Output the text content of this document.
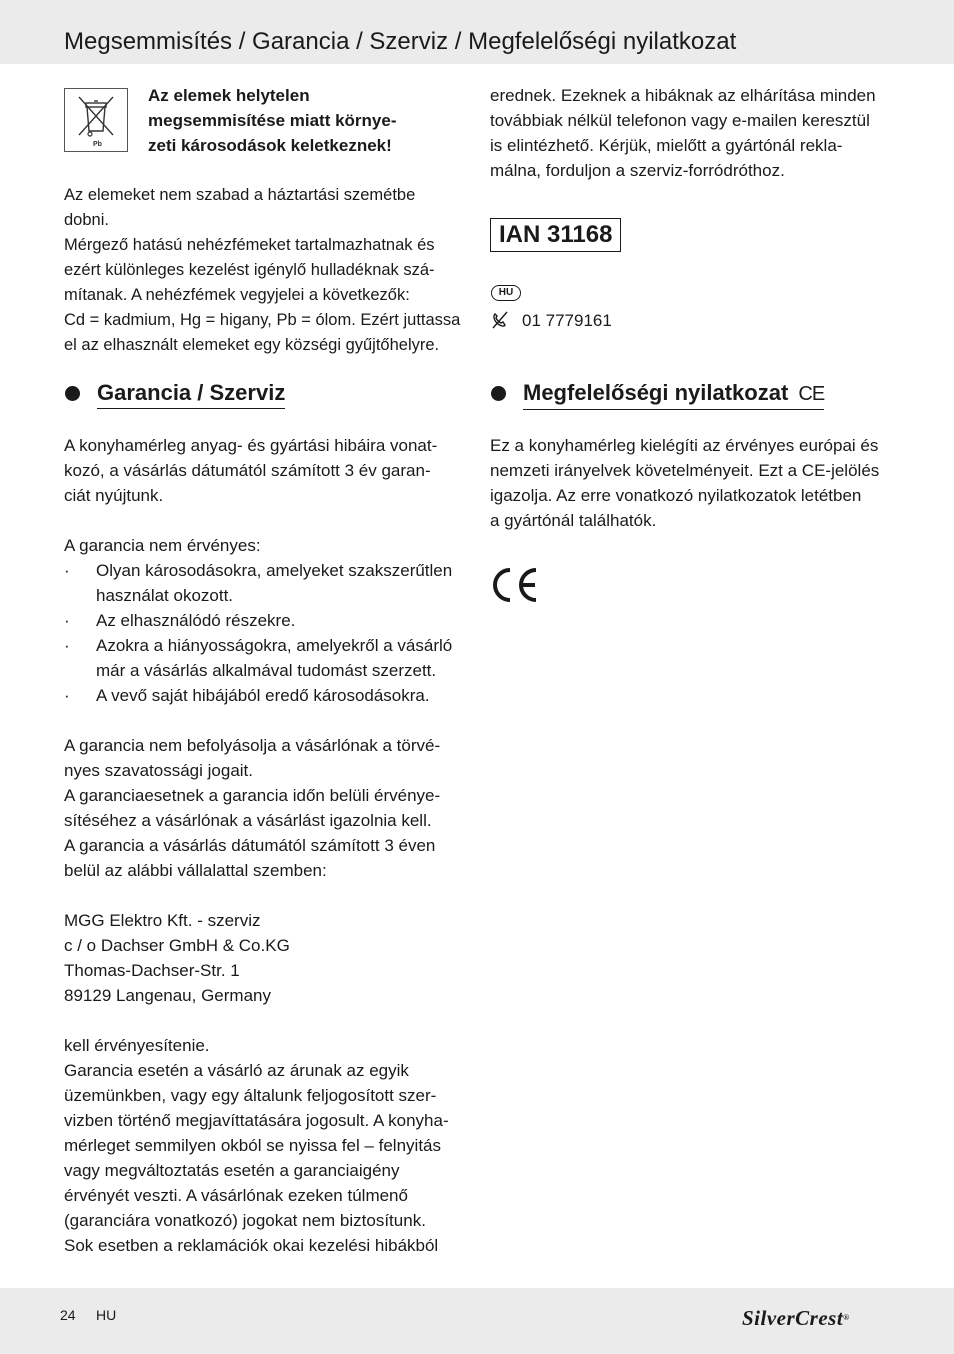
Megsemmisítés / Garancia / Szerviz / Megfelelőségi nyilatkozat
Pb
Az elemek helytelen
megsemmisítése miatt környe-
zeti károsodások keletkeznek!
Az elemeket nem szabad a háztartási szemétbe dobni.
Mérgező hatású nehézfémeket tartalmazhatnak és
ezért különleges kezelést igénylő hulladéknak szá-
mítanak. A nehézfémek vegyjelei a következők:
Cd = kadmium, Hg = higany, Pb = ólom. Ezért juttassa
el az elhasznált elemeket egy községi gyűjtőhelyre.
Garancia / Szerviz
A konyhamérleg anyag- és gyártási hibáira vonat-
kozó, a vásárlás dátumától számított 3 év garan-
ciát nyújtunk.
A garancia nem érvényes:
· Olyan károsodásokra, amelyeket szakszerűtlen
használat okozott.
· Az elhasználódó részekre.
· Azokra a hiányosságokra, amelyekről a vásárló
már a vásárlás alkalmával tudomást szerzett.
· A vevő saját hibájából eredő károsodásokra.
A garancia nem befolyásolja a vásárlónak a törvé-
nyes szavatossági jogait.
A garanciaesetnek a garancia időn belüli érvénye-
sítéséhez a vásárlónak a vásárlást igazolnia kell.
A garancia a vásárlás dátumától számított 3 éven
belül az alábbi vállalattal szemben:
MGG Elektro Kft. - szerviz
c / o Dachser GmbH & Co.KG
Thomas-Dachser-Str. 1
89129 Langenau, Germany
kell érvényesítenie.
Garancia esetén a vásárló az árunak az egyik
üzemünkben, vagy egy általunk feljogosított szer-
vizben történő megjavíttatására jogosult. A konyha-
mérleget semmilyen okból se nyissa fel – felnyitás
vagy megváltoztatás esetén a garanciaigény
érvényét veszti. A vásárlónak ezeken túlmenő
(garanciára vonatkozó) jogokat nem biztosítunk.
Sok esetben a reklamációk okai kezelési hibákból
erednek. Ezeknek a hibáknak az elhárítása minden
továbbiak nélkül telefonon vagy e-mailen keresztül
is elintézhető. Kérjük, mielőtt a gyártónál rekla-
málna, forduljon a szerviz-forródróthoz.
IAN 31168
HU
01 7779161
Megfelelőségi nyilatkozat CE
Ez a konyhamérleg kielégíti az érvényes európai és
nemzeti irányelvek követelményeit. Ezt a CE-jelölés
igazolja. Az erre vonatkozó nyilatkozatok letétben
a gyártónál találhatók.
24 HU	SilverCrest®
